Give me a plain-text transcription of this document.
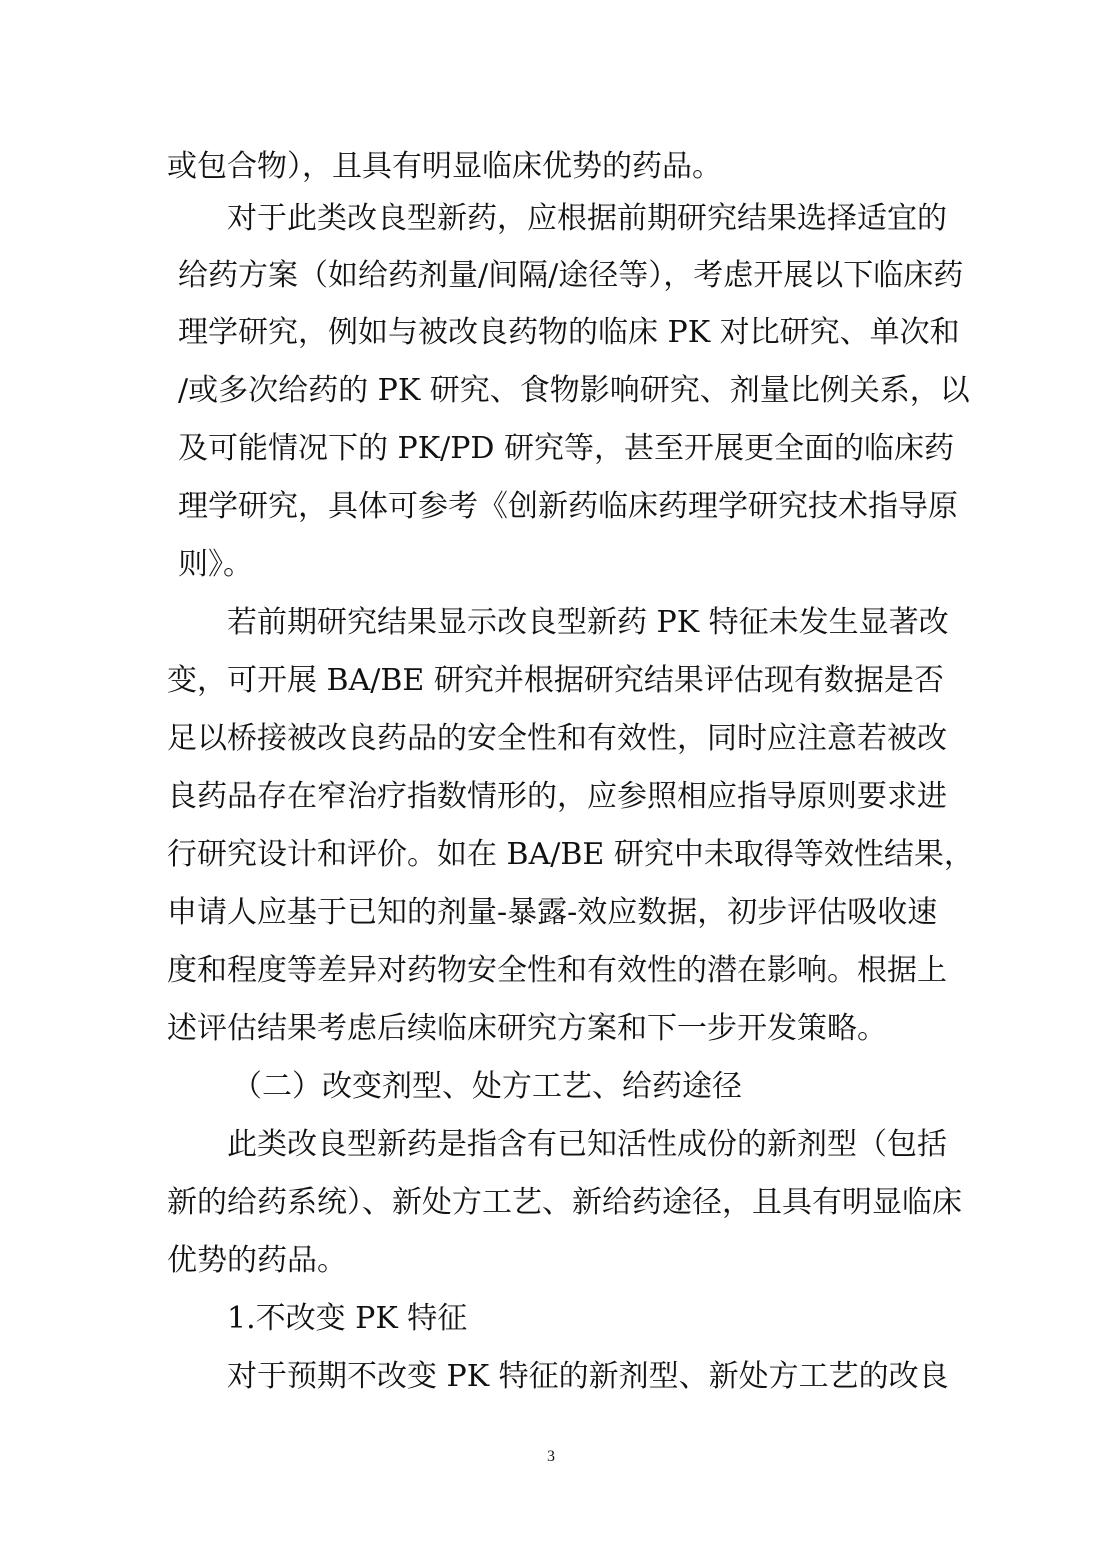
或包合物），且具有明显临床优势的药品。
对于此类改良型新药，应根据前期研究结果选择适宜的
给药方案（如给药剂量/间隔/途径等），考虑开展以下临床药
理学研究，例如与被改良药物的临床 PK 对比研究、单次和
/或多次给药的 PK 研究、食物影响研究、剂量比例关系，以
及可能情况下的 PK/PD 研究等，甚至开展更全面的临床药
理学研究，具体可参考《创新药临床药理学研究技术指导原
则》。
若前期研究结果显示改良型新药 PK 特征未发生显著改
变，可开展 BA/BE 研究并根据研究结果评估现有数据是否
足以桥接被改良药品的安全性和有效性，同时应注意若被改
良药品存在窄治疗指数情形的，应参照相应指导原则要求进
行研究设计和评价。如在 BA/BE 研究中未取得等效性结果，
申请人应基于已知的剂量-暴露-效应数据，初步评估吸收速
度和程度等差异对药物安全性和有效性的潜在影响。根据上
述评估结果考虑后续临床研究方案和下一步开发策略。
（二）改变剂型、处方工艺、给药途径
此类改良型新药是指含有已知活性成份的新剂型（包括
新的给药系统）、新处方工艺、新给药途径，且具有明显临床
优势的药品。
1.不改变 PK 特征
对于预期不改变 PK 特征的新剂型、新处方工艺的改良
3
